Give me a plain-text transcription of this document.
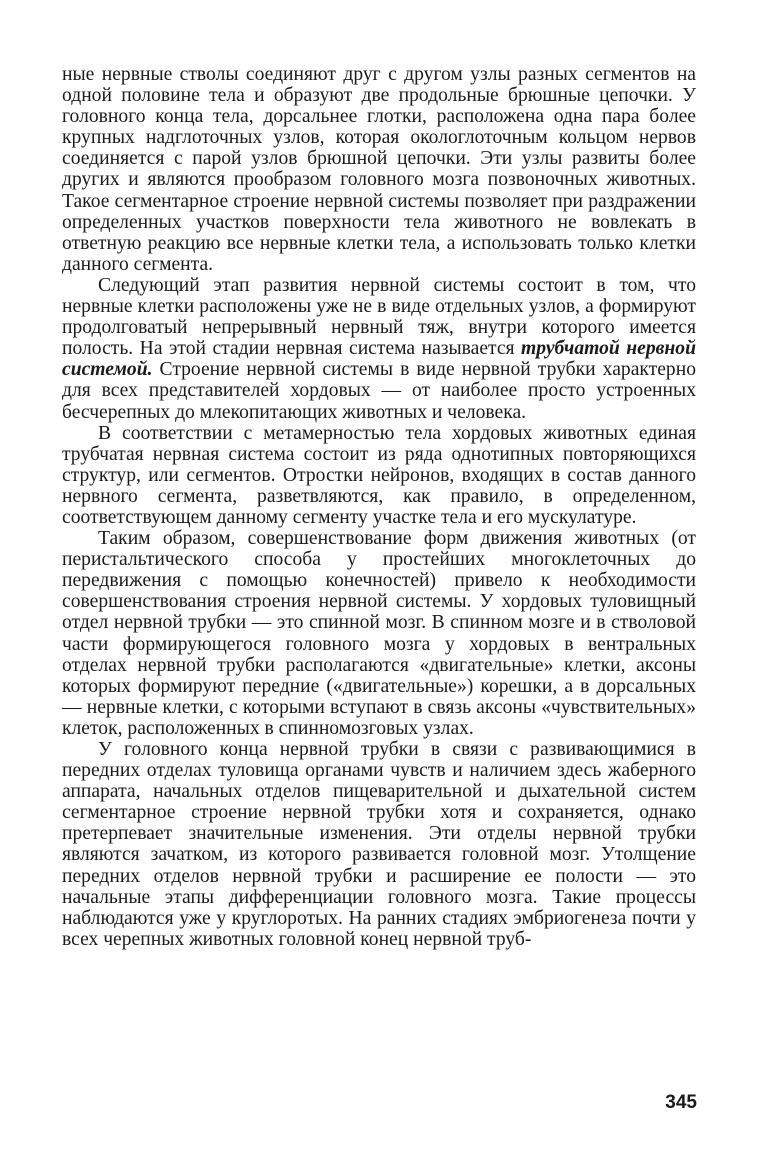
ные нервные стволы соединяют друг с другом узлы разных сегментов на одной половине тела и образуют две продольные брюшные цепочки. У головного конца тела, дорсальнее глотки, расположена одна пара более крупных надглоточных узлов, которая окологлоточным кольцом нервов соединяется с парой узлов брюшной цепочки. Эти узлы развиты более других и являются прообразом головного мозга позвоночных животных. Такое сегментарное строение нервной системы позволяет при раздражении определенных участков поверхности тела животного не вовлекать в ответную реакцию все нервные клетки тела, а использовать только клетки данного сегмента.

Следующий этап развития нервной системы состоит в том, что нервные клетки расположены уже не в виде отдельных узлов, а формируют продолговатый непрерывный нервный тяж, внутри которого имеется полость. На этой стадии нервная система называется трубчатой нервной системой. Строение нервной системы в виде нервной трубки характерно для всех представителей хордовых — от наиболее просто устроенных бесчерепных до млекопитающих животных и человека.

В соответствии с метамерностью тела хордовых животных единая трубчатая нервная система состоит из ряда однотипных повторяющихся структур, или сегментов. Отростки нейронов, входящих в состав данного нервного сегмента, разветвляются, как правило, в определенном, соответствующем данному сегменту участке тела и его мускулатуре.

Таким образом, совершенствование форм движения животных (от перистальтического способа у простейших многоклеточных до передвижения с помощью конечностей) привело к необходимости совершенствования строения нервной системы. У хордовых туловищный отдел нервной трубки — это спинной мозг. В спинном мозге и в стволовой части формирующегося головного мозга у хордовых в вентральных отделах нервной трубки располагаются «двигательные» клетки, аксоны которых формируют передние («двигательные») корешки, а в дорсальных — нервные клетки, с которыми вступают в связь аксоны «чувствительных» клеток, расположенных в спинномозговых узлах.

У головного конца нервной трубки в связи с развивающимися в передних отделах туловища органами чувств и наличием здесь жаберного аппарата, начальных отделов пищеварительной и дыхательной систем сегментарное строение нервной трубки хотя и сохраняется, однако претерпевает значительные изменения. Эти отделы нервной трубки являются зачатком, из которого развивается головной мозг. Утолщение передних отделов нервной трубки и расширение ее полости — это начальные этапы дифференциации головного мозга. Такие процессы наблюдаются уже у круглоротых. На ранних стадиях эмбриогенеза почти у всех черепных животных головной конец нервной труб-

345
